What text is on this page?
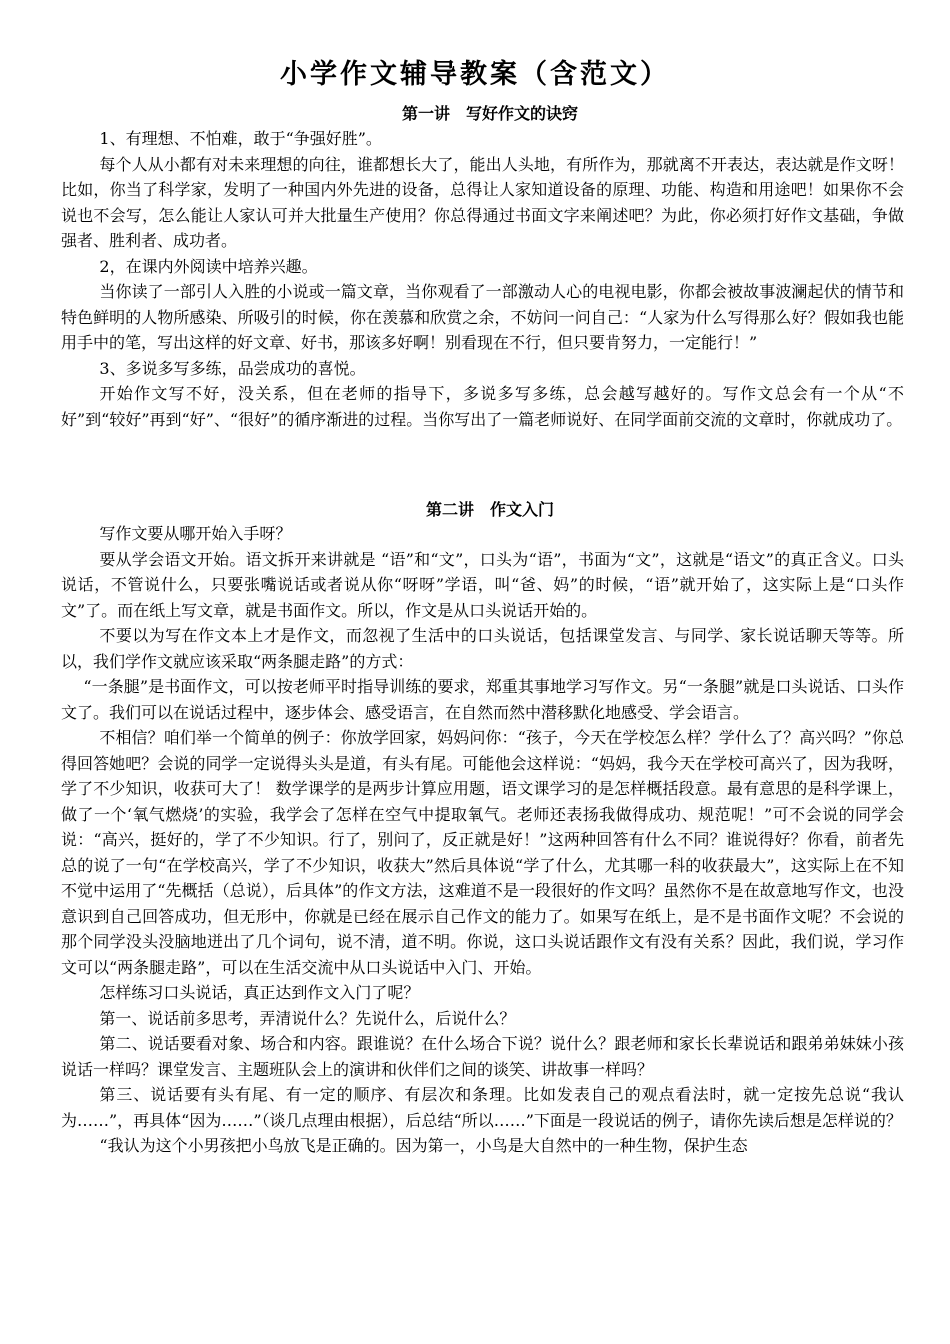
小学作文辅导教案（含范文）
第一讲　写好作文的诀窍

1、有理想、不怕难，敢于“争强好胜”。

每个人从小都有对未来理想的向往，谁都想长大了，能出人头地，有所作为，那就离不开表达，表达就是作文呀！比如，你当了科学家，发明了一种国内外先进的设备，总得让人家知道设备的原理、功能、构造和用途吧！如果你不会说也不会写，怎么能让人家认可并大批量生产使用？你总得通过书面文字来阐述吧？为此，你必须打好作文基础，争做强者、胜利者、成功者。

2，在课内外阅读中培养兴趣。

当你读了一部引人入胜的小说或一篇文章，当你观看了一部激动人心的电视电影，你都会被故事波澜起伏的情节和特色鲜明的人物所感染、所吸引的时候，你在羡慕和欣赏之余，不妨问一问自己：“人家为什么写得那么好？假如我也能用手中的笔，写出这样的好文章、好书，那该多好啊！别看现在不行，但只要肯努力，一定能行！”

3、多说多写多练，品尝成功的喜悦。

开始作文写不好，没关系，但在老师的指导下，多说多写多练，总会越写越好的。写作文总会有一个从“不好”到“较好”再到“好”、“很好”的循序渐进的过程。当你写出了一篇老师说好、在同学面前交流的文章时，你就成功了。

第二讲　作文入门

写作文要从哪开始入手呀？

要从学会语文开始。语文拆开来讲就是 “语”和“文”，口头为“语”，书面为“文”，这就是“语文”的真正含义。口头说话，不管说什么，只要张嘴说话或者说从你“呀呀”学语，叫“爸、妈”的时候，“语”就开始了，这实际上是“口头作文”了。而在纸上写文章，就是书面作文。所以，作文是从口头说话开始的。

不要以为写在作文本上才是作文，而忽视了生活中的口头说话，包括课堂发言、与同学、家长说话聊天等等。所以，我们学作文就应该采取“两条腿走路”的方式：

“一条腿”是书面作文，可以按老师平时指导训练的要求，郑重其事地学习写作文。另“一条腿”就是口头说话、口头作文了。我们可以在说话过程中，逐步体会、感受语言，在自然而然中潜移默化地感受、学会语言。

不相信？咱们举一个简单的例子：你放学回家，妈妈问你：“孩子，今天在学校怎么样？学什么了？高兴吗？”你总得回答她吧？会说的同学一定说得头头是道，有头有尾。可能他会这样说：“妈妈，我今天在学校可高兴了，因为我呀，学了不少知识，收获可大了！ 数学课学的是两步计算应用题，语文课学习的是怎样概括段意。最有意思的是科学课上，做了一个‘氧气燃烧’的实验，我学会了怎样在空气中提取氧气。老师还表扬我做得成功、规范呢！”可不会说的同学会说：“高兴，挺好的，学了不少知识。行了，别问了，反正就是好！”这两种回答有什么不同？谁说得好？你看，前者先总的说了一句“在学校高兴，学了不少知识，收获大”然后具体说“学了什么，尤其哪一科的收获最大”，这实际上在不知不觉中运用了“先概括（总说），后具体”的作文方法，这难道不是一段很好的作文吗？虽然你不是在故意地写作文，也没意识到自己回答成功，但无形中，你就是已经在展示自己作文的能力了。如果写在纸上，是不是书面作文呢？不会说的那个同学没头没脑地迸出了几个词句，说不清，道不明。你说，这口头说话跟作文有没有关系？因此，我们说，学习作文可以“两条腿走路”，可以在生活交流中从口头说话中入门、开始。

怎样练习口头说话，真正达到作文入门了呢？

第一、说话前多思考，弄清说什么？先说什么，后说什么？

第二、说话要看对象、场合和内容。跟谁说？在什么场合下说？说什么？跟老师和家长长辈说话和跟弟弟妹妹小孩说话一样吗？课堂发言、主题班队会上的演讲和伙伴们之间的谈笑、讲故事一样吗？

第三、说话要有头有尾、有一定的顺序、有层次和条理。比如发表自己的观点看法时，就一定按先总说“我认为……”，再具体“因为……”（谈几点理由根据），后总结“所以……”下面是一段说话的例子，请你先读后想是怎样说的？

“我认为这个小男孩把小鸟放飞是正确的。因为第一，小鸟是大自然中的一种生物，保护生态
